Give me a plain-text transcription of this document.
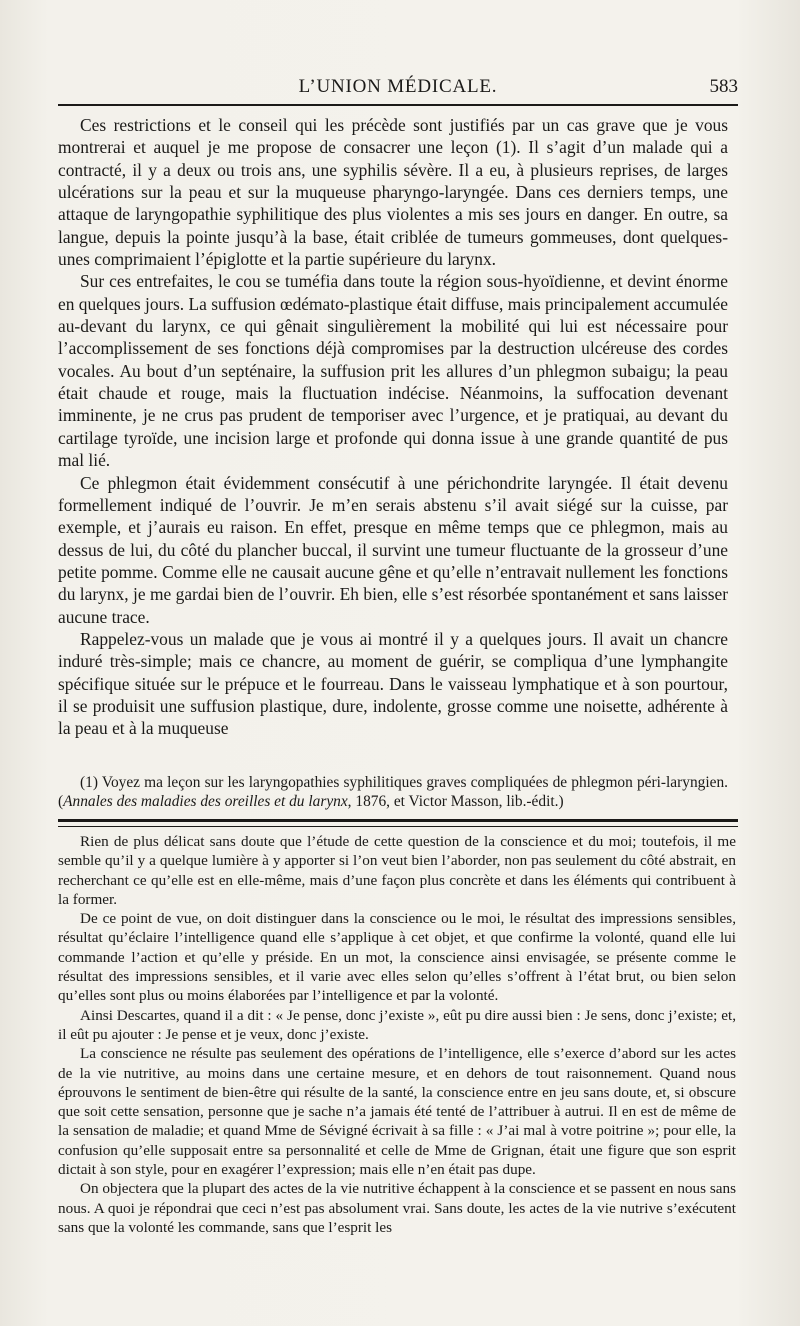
L’UNION MÉDICALE.	583

Ces restrictions et le conseil qui les précède sont justifiés par un cas grave que je vous montrerai et auquel je me propose de consacrer une leçon (1). Il s’agit d’un malade qui a contracté, il y a deux ou trois ans, une syphilis sévère. Il a eu, à plusieurs reprises, de larges ulcérations sur la peau et sur la muqueuse pharyngo-laryngée. Dans ces derniers temps, une attaque de laryngopathie syphilitique des plus violentes a mis ses jours en danger. En outre, sa langue, depuis la pointe jusqu’à la base, était criblée de tumeurs gommeuses, dont quelques-unes comprimaient l’épiglotte et la partie supérieure du larynx.

Sur ces entrefaites, le cou se tuméfia dans toute la région sous-hyoïdienne, et devint énorme en quelques jours. La suffusion œdémato-plastique était diffuse, mais principalement accumulée au-devant du larynx, ce qui gênait singulièrement la mobilité qui lui est nécessaire pour l’accomplissement de ses fonctions déjà compromises par la destruction ulcéreuse des cordes vocales. Au bout d’un septénaire, la suffusion prit les allures d’un phlegmon subaigu; la peau était chaude et rouge, mais la fluctuation indécise. Néanmoins, la suffocation devenant imminente, je ne crus pas prudent de temporiser avec l’urgence, et je pratiquai, au devant du cartilage tyroïde, une incision large et profonde qui donna issue à une grande quantité de pus mal lié.

Ce phlegmon était évidemment consécutif à une périchondrite laryngée. Il était devenu formellement indiqué de l’ouvrir. Je m’en serais abstenu s’il avait siégé sur la cuisse, par exemple, et j’aurais eu raison. En effet, presque en même temps que ce phlegmon, mais au dessus de lui, du côté du plancher buccal, il survint une tumeur fluctuante de la grosseur d’une petite pomme. Comme elle ne causait aucune gêne et qu’elle n’entravait nullement les fonctions du larynx, je me gardai bien de l’ouvrir. Eh bien, elle s’est résorbée spontanément et sans laisser aucune trace.

Rappelez-vous un malade que je vous ai montré il y a quelques jours. Il avait un chancre induré très-simple; mais ce chancre, au moment de guérir, se compliqua d’une lymphangite spécifique située sur le prépuce et le fourreau. Dans le vaisseau lymphatique et à son pourtour, il se produisit une suffusion plastique, dure, indolente, grosse comme une noisette, adhérente à la peau et à la muqueuse

(1) Voyez ma leçon sur les laryngopathies syphilitiques graves compliquées de phlegmon péri-laryngien. (Annales des maladies des oreilles et du larynx, 1876, et Victor Masson, lib.-édit.)

Rien de plus délicat sans doute que l’étude de cette question de la conscience et du moi; toutefois, il me semble qu’il y a quelque lumière à y apporter si l’on veut bien l’aborder, non pas seulement du côté abstrait, en recherchant ce qu’elle est en elle-même, mais d’une façon plus concrète et dans les éléments qui contribuent à la former.

De ce point de vue, on doit distinguer dans la conscience ou le moi, le résultat des impressions sensibles, résultat qu’éclaire l’intelligence quand elle s’applique à cet objet, et que confirme la volonté, quand elle lui commande l’action et qu’elle y préside. En un mot, la conscience ainsi envisagée, se présente comme le résultat des impressions sensibles, et il varie avec elles selon qu’elles s’offrent à l’état brut, ou bien selon qu’elles sont plus ou moins élaborées par l’intelligence et par la volonté.

Ainsi Descartes, quand il a dit : « Je pense, donc j’existe », eût pu dire aussi bien : Je sens, donc j’existe; et, il eût pu ajouter : Je pense et je veux, donc j’existe.

La conscience ne résulte pas seulement des opérations de l’intelligence, elle s’exerce d’abord sur les actes de la vie nutritive, au moins dans une certaine mesure, et en dehors de tout raisonnement. Quand nous éprouvons le sentiment de bien-être qui résulte de la santé, la conscience entre en jeu sans doute, et, si obscure que soit cette sensation, personne que je sache n’a jamais été tenté de l’attribuer à autrui. Il en est de même de la sensation de maladie; et quand Mme de Sévigné écrivait à sa fille : « J’ai mal à votre poitrine »; pour elle, la confusion qu’elle supposait entre sa personnalité et celle de Mme de Grignan, était une figure que son esprit dictait à son style, pour en exagérer l’expression; mais elle n’en était pas dupe.

On objectera que la plupart des actes de la vie nutritive échappent à la conscience et se passent en nous sans nous. A quoi je répondrai que ceci n’est pas absolument vrai. Sans doute, les actes de la vie nutrive s’exécutent sans que la volonté les commande, sans que l’esprit les
